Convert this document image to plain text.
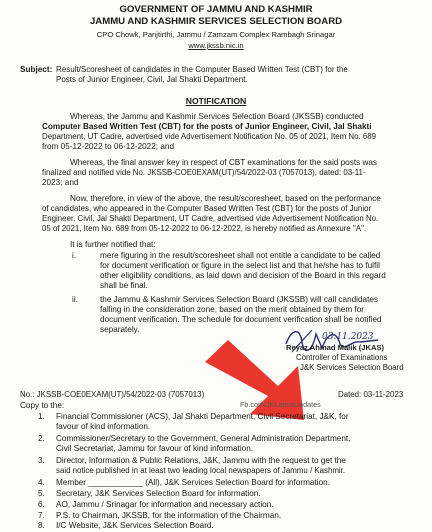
GOVERNMENT OF JAMMU AND KASHMIR
JAMMU AND KASHMIR SERVICES SELECTION BOARD
CPO Chowk, Panjtirthi, Jammu / Zamzam Complex Rambagh Srinagar
www.jkssb.nic.in
Subject: Result/Scoresheet of candidates in the Computer Based Written Test (CBT) for the
Posts of Junior Engineer, Civil, Jal Shakti Department.
NOTIFICATION
Whereas, the Jammu and Kashmir Services Selection Board (JKSSB) conducted
Computer Based Written Test (CBT) for the posts of Junior Engineer, Civil, Jal Shakti
Department, UT Cadre, advertised vide Advertisement Notification No. 05 of 2021, Item No. 689
from 05-12-2022 to 06-12-2022; and
Whereas, the final answer key in respect of CBT examinations for the said posts was
finalized and notified vide No. JKSSB-COE0EXAM(UT)/54/2022-03 (7057013), dated: 03-11-
2023; and
Now, therefore, in view of the above, the result/scoresheet, based on the performance
of candidates, who appeared in the Computer Based Written Test (CBT) for the posts of Junior
Engineer, Civil, Jal Shakti Department, UT Cadre, advertised vide Advertisement Notification No.
05 of 2021, Item No. 689 from 05-12-2022 to 06-12-2022, is hereby notified as Annexure "A".
It is further notified that:
i.	mere figuring in the result/scoresheet shall not entitle a candidate to be called
for document verification or figure in the select list and that he/she has to fulfil
other eligibility conditions, as laid down and decision of the Board in this regard
shall be final.
ii.	the Jammu & Kashmir Services Selection Board (JKSSB) will call candidates
falling in the consideration zone, based on the merit obtained by them for
document verification. The schedule for document verification shall be notified
separately.
03.11.2023
Reyaz Ahmad Malik (JKAS)
Controller of Examinations
J&K Services Selection Board
No.: JKSSB-COE0EXAM(UT)/54/2022-03 (7057013)	Dated: 03-11-2023
Fb.com/JKLatestUpdates
Copy to the:
1. Financial Commissioner (ACS), Jal Shakti Department, Civil Secretariat, J&K, for
favour of kind information.
2. Commissioner/Secretary to the Government, General Administration Department,
Civil Secretariat, Jammu for favour of kind information.
3. Director, Information & Public Relations, J&K, Jammu with the request to get the
said notice published in at least two leading local newspapers of Jammu / Kashmir.
4. Member ____________ (All), J&K Services Selection Board for information.
5. Secretary, J&K Services Selection Board for information.
6. AO, Jammu / Srinagar for information and necessary action.
7. P.S. to Chairman, JKSSB, for the information of the Chairman.
8. I/C Website, J&K Services Selection Board.
